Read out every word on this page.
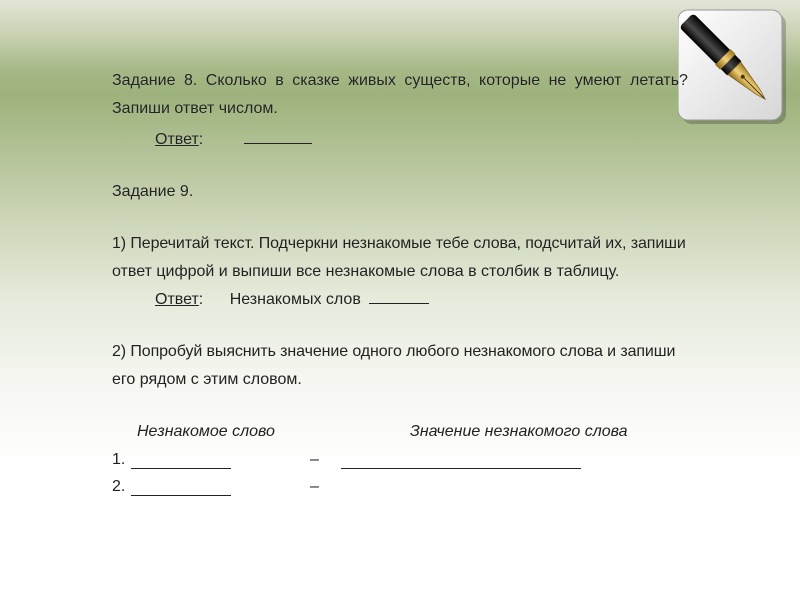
Задание 8. Сколько в сказке живых существ, которые не умеют летать?
Запиши ответ числом.
Ответ:
Задание 9.
1) Перечитай текст. Подчеркни незнакомые тебе слова, подсчитай их, запиши
ответ цифрой и выпиши все незнакомые слова в столбик в таблицу.
Ответ: Незнакомых слов
2) Попробуй выяснить значение одного любого незнакомого слова и запиши
его рядом с этим словом.
Незнакомое слово	Значение незнакомого слова
1.	–
2.	–
